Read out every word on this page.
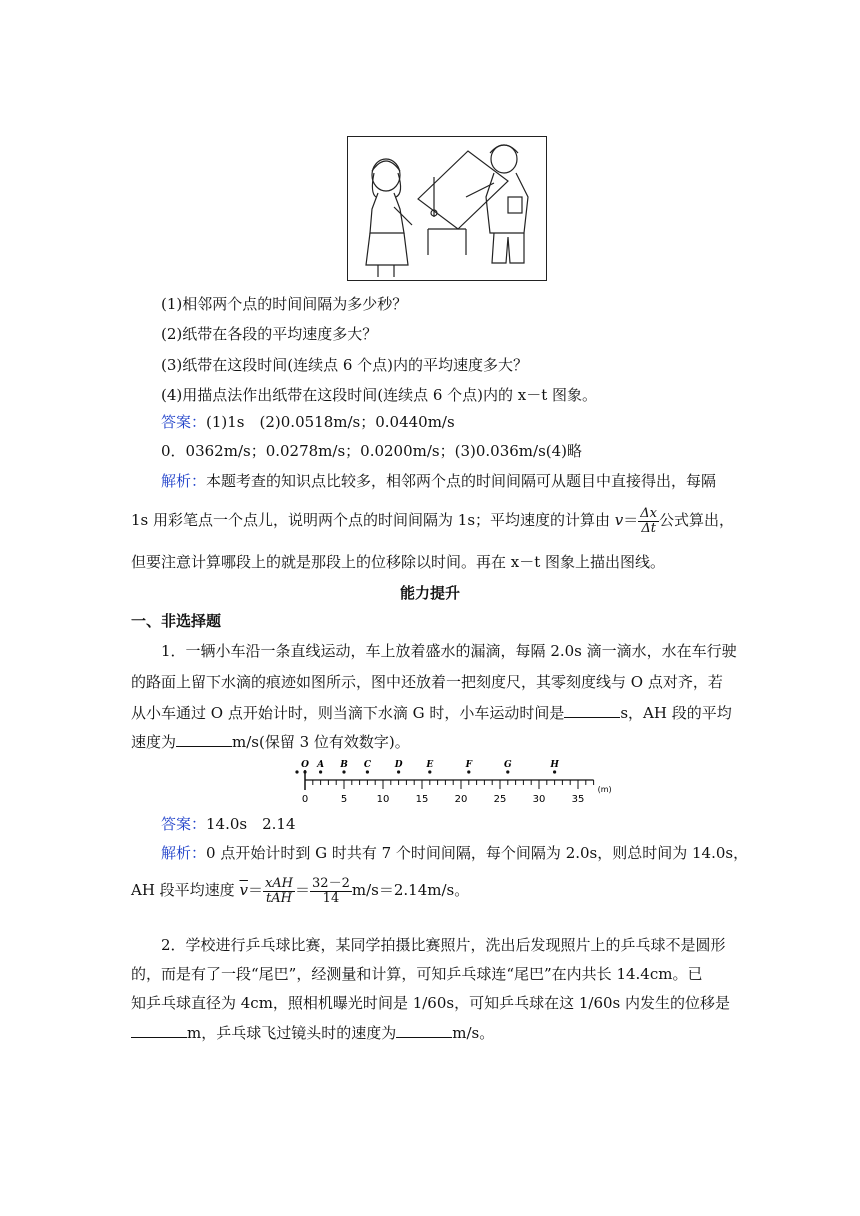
(1)相邻两个点的时间间隔为多少秒？
(2)纸带在各段的平均速度多大？
(3)纸带在这段时间(连续点 6 个点)内的平均速度多大？
(4)用描点法作出纸带在这段时间(连续点 6 个点)内的 x－t 图象。
答案：(1)1s　(2)0.0518m/s；0.0440m/s
0．0362m/s；0.0278m/s；0.0200m/s；(3)0.036m/s(4)略
解析：本题考查的知识点比较多，相邻两个点的时间间隔可从题目中直接得出，每隔
1s 用彩笔点一个点儿，说明两个点的时间间隔为 1s；平均速度的计算由 $v= \frac{\Delta x}{\Delta t}$ 公式算出，
但要注意计算哪段上的就是那段上的位移除以时间。再在 x－t 图象上描出图线。
能力提升
一、非选择题
1．一辆小车沿一条直线运动，车上放着盛水的漏滴，每隔 2.0s 滴一滴水，水在车行驶
的路面上留下水滴的痕迹如图所示，图中还放着一把刻度尺，其零刻度线与 O 点对齐，若
从小车通过 O 点开始计时，则当滴下水滴 G 时，小车运动时间是	s，AH 段的平均
速度为	m/s(保留 3 位有效数字)。
0	5	10	15	20	25	30	35
(m)
O A B C	D	E	F	G	H
答案：14.0s　2.14
解析：0 点开始计时到 G 时共有 7 个时间间隔，每个间隔为 2.0s，则总时间为 14.0s，
AH 段平均速度 $\overline{v}= \frac{\text{xAH}}{\text{tAH}} = \frac{32-2}{14} m/s=2.14m/s$。
2．学校进行乒乓球比赛，某同学拍摄比赛照片，洗出后发现照片上的乒乓球不是圆形
的，而是有了一段“尾巴”，经测量和计算，可知乒乓球连“尾巴”在内共长 14.4cm。已
知乒乓球直径为 4cm，照相机曝光时间是 1/60s，可知乒乓球在这 1/60s 内发生的位移是
m，乒乓球飞过镜头时的速度为	m/s。
